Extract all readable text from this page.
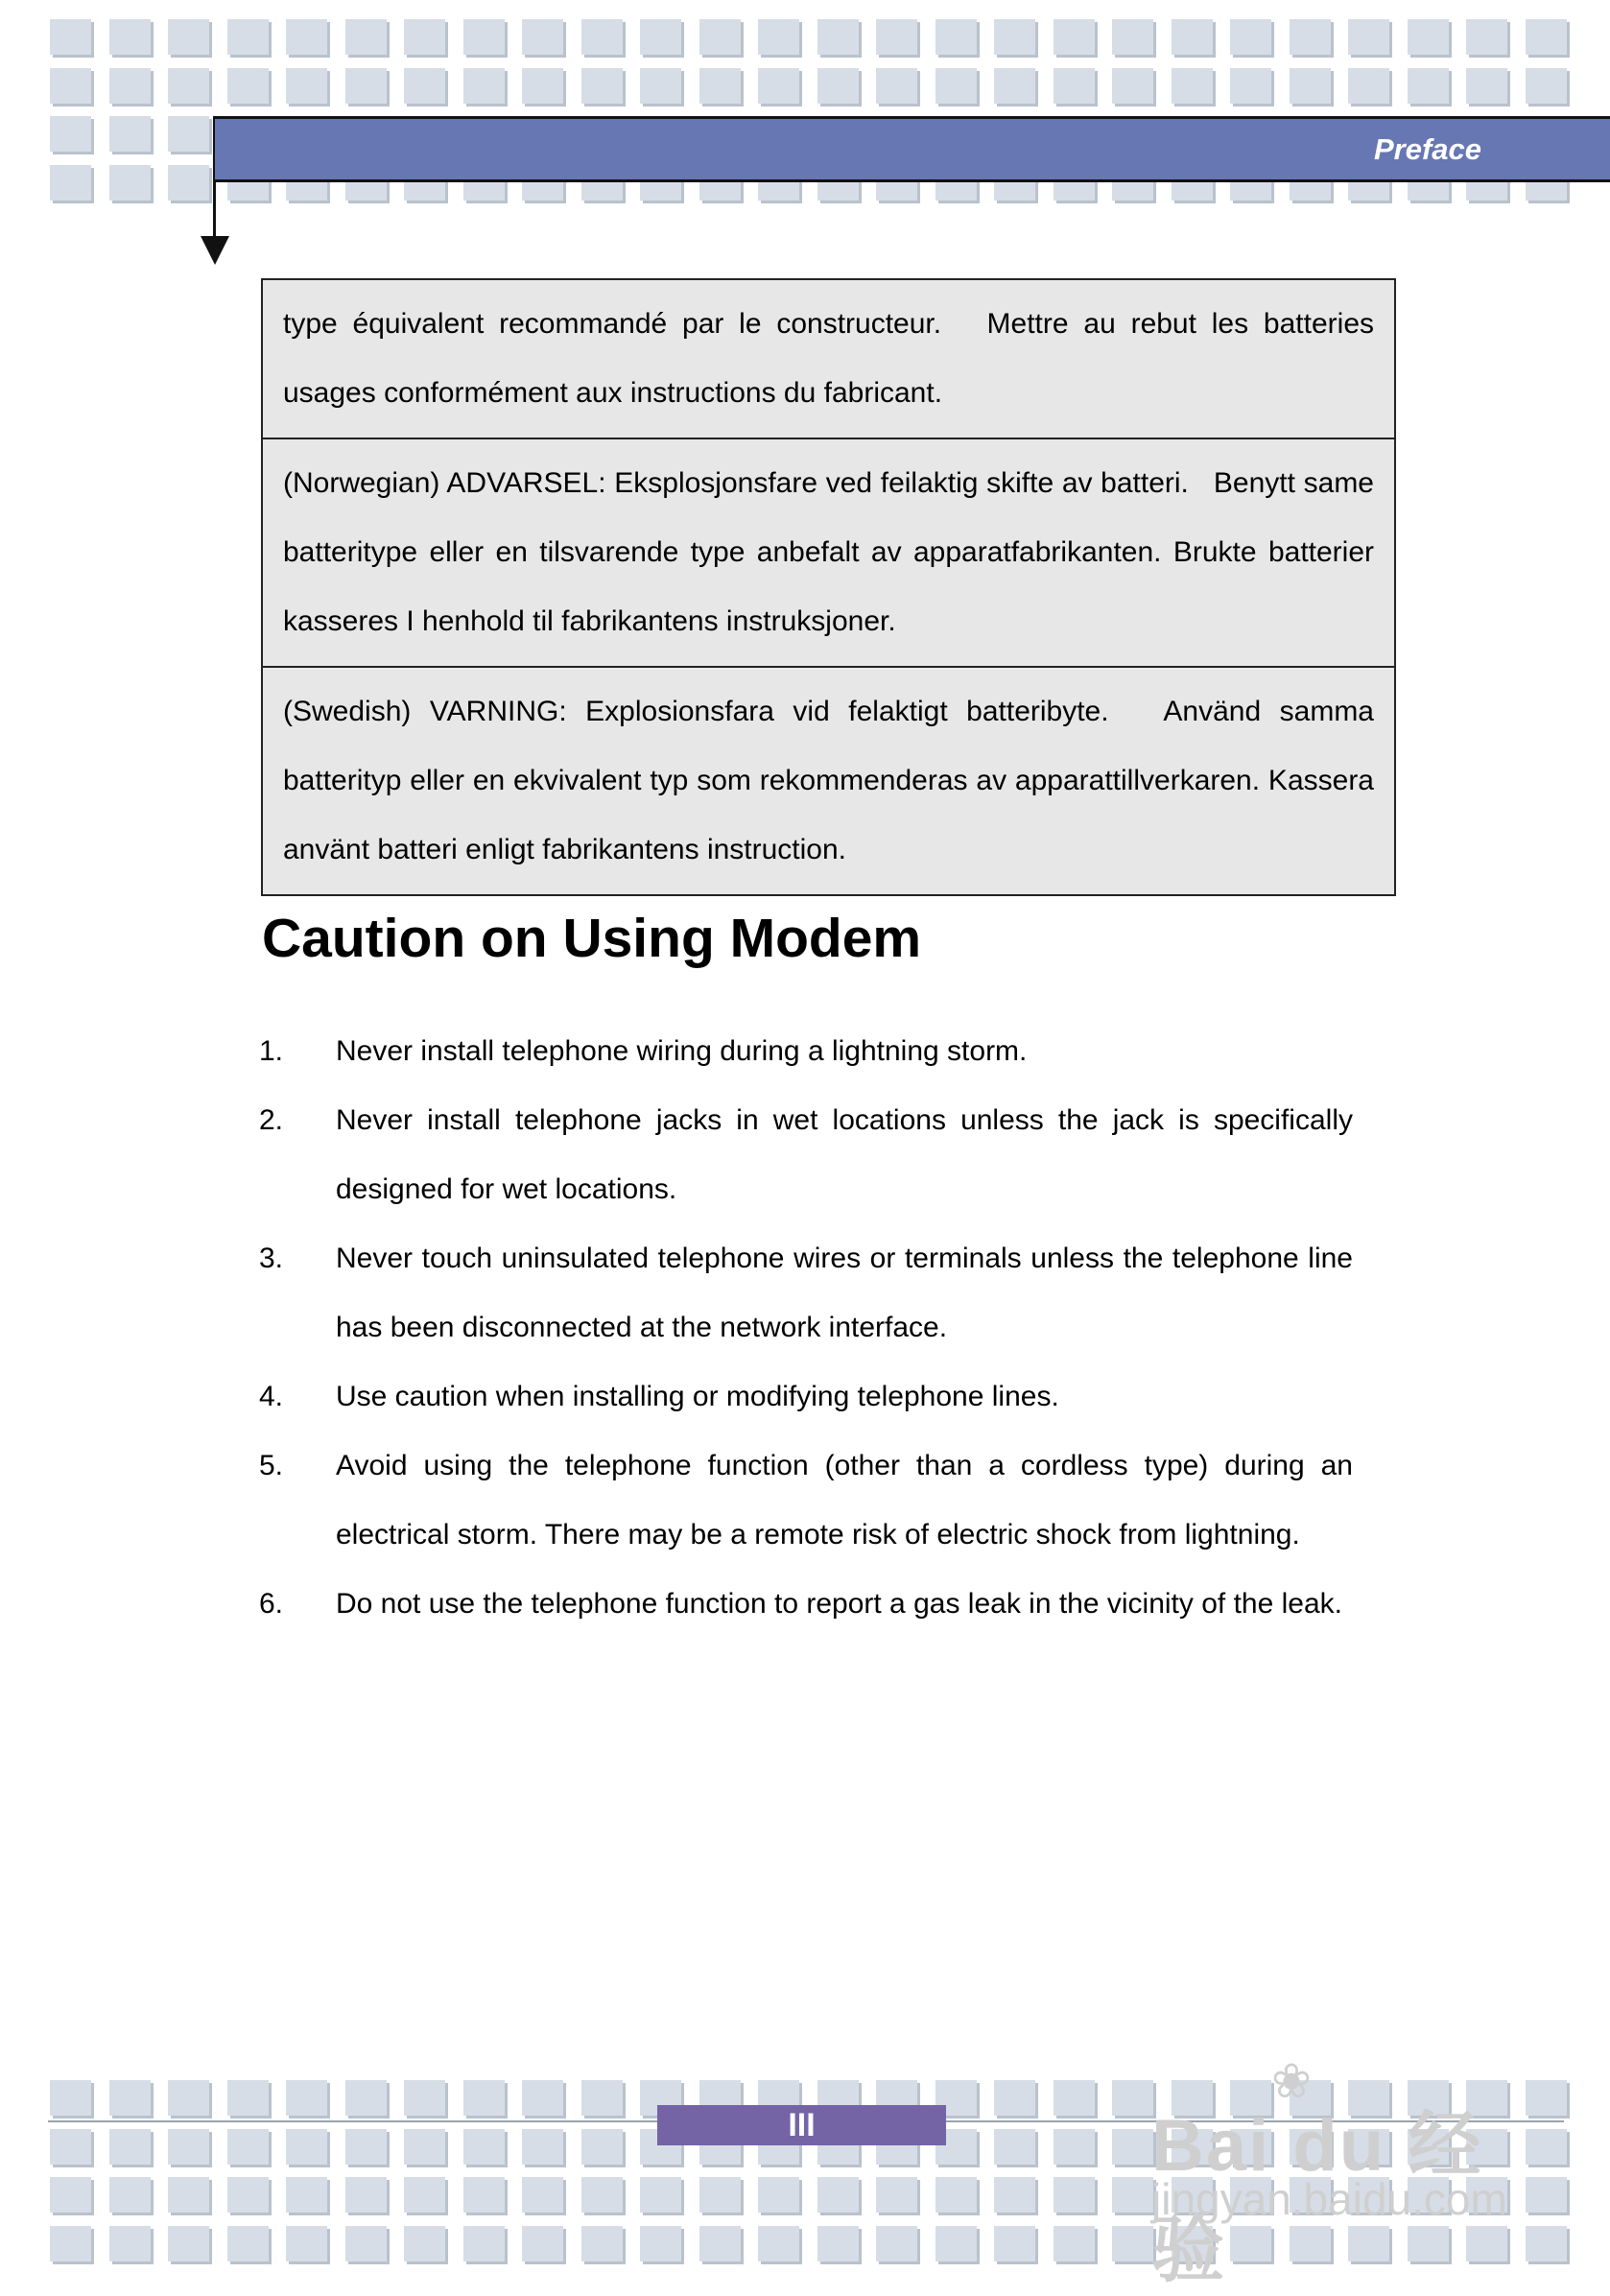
Preface
type équivalent recommandé par le constructeur.   Mettre au rebut les batteries usages conformément aux instructions du fabricant.
(Norwegian) ADVARSEL: Eksplosjonsfare ved feilaktig skifte av batteri.   Benytt same batteritype eller en tilsvarende type anbefalt av apparatfabrikanten. Brukte batterier kasseres I henhold til fabrikantens instruksjoner.
(Swedish) VARNING: Explosionsfara vid felaktigt batteribyte.   Använd samma batterityp eller en ekvivalent typ som rekommenderas av apparattillverkaren. Kassera använt batteri enligt fabrikantens instruction.
Caution on Using Modem
1. Never install telephone wiring during a lightning storm.
2. Never install telephone jacks in wet locations unless the jack is specifically designed for wet locations.
3. Never touch uninsulated telephone wires or terminals unless the telephone line has been disconnected at the network interface.
4. Use caution when installing or modifying telephone lines.
5. Avoid using the telephone function (other than a cordless type) during an electrical storm. There may be a remote risk of electric shock from lightning.
6. Do not use the telephone function to report a gas leak in the vicinity of the leak.
III
❀
Bai du 经验
jingyan.baidu.com
